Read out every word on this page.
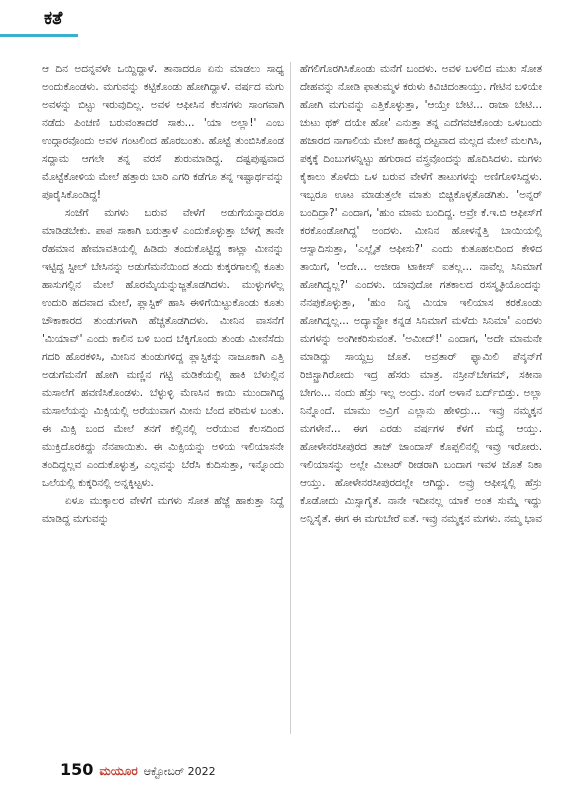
ಕತೆ

ಆ ದಿನ ಅದನ್ನವಳೇ ಒಯ್ದಿದ್ದಾಳೆ. ತಾನಾದರೂ ಏನು ಮಾಡಲು ಸಾಧ್ಯ ಅಂದುಕೊಂಡಳು. ಮಗುವನ್ನು ಕಟ್ಟಿಕೊಂಡು ಹೋಗಿದ್ದಾಳೆ. ವರ್ಷದ ಮಗು ಅವಳನ್ನು ಬಿಟ್ಟು ಇರುವುದಿಲ್ಲ. ಅವಳ ಆಫೀಸಿನ ಕೆಲಸಗಳು ಸಾಂಗವಾಗಿ ನಡೆದು ಪಿಂಚಣಿ ಬರುವಂತಾದರೆ ಸಾಕು... 'ಯಾ ಅಲ್ಲಾ!' ಎಂಬ ಉದ್ಗಾರವೊಂದು ಅವಳ ಗಂಟಲಿಂದ ಹೊರಬಂತು. ಹೊಟ್ಟೆ ತುಂಬಿಸಿಕೊಂಡ ಸದ್ದಾಮ ಆಗಲೇ ತನ್ನ ವರಸೆ ಶುರುಮಾಡಿದ್ದ. ದಷ್ಟಪುಷ್ಟವಾದ ಮೊಟ್ಟೆಕೋಳಿಯ ಮೇಲೆ ಹತ್ತಾರು ಬಾರಿ ಎಗರಿ ಕಡೆಗೂ ತನ್ನ ಇಷ್ಟಾರ್ಥವನ್ನು ಪೂರೈಸಿಕೊಂಡಿದ್ದ!
ಸಂಜೆಗೆ ಮಗಳು ಬರುವ ವೇಳೆಗೆ ಅಡುಗೆಯನ್ನಾದರೂ ಮಾಡಿಡಬೇಕು. ಪಾಪ ಸಾಕಾಗಿ ಬರುತ್ತಾಳೆ ಎಂದುಕೊಳ್ಳುತ್ತಾ ಬೆಳಗ್ಗೆ ತಾನೇ ರೆಹಮಾನ ಹೇಮಾವತಿಯಲ್ಲಿ ಹಿಡಿದು ತಂದುಕೊಟ್ಟಿದ್ದ ಕಾಟ್ಲಾ ಮೀನನ್ನು ಇಟ್ಟಿದ್ದ ಸ್ಟೀಲ್ ಬೇಸಿನನ್ನು ಅಡುಗೆಮನೆಯಿಂದ ತಂದು ಕುಕ್ಕರಗಾಲಲ್ಲಿ ಕೂತು ಹಾಸುಗಲ್ಲಿನ ಮೇಲೆ ಹೊರಮೈಯನ್ನುಜ್ಜತೊಡಗಿದಳು. ಮುಳ್ಳುಗಳೆಲ್ಲ ಉದುರಿ ಹದವಾದ ಮೇಲೆ, ಪ್ಲಾಸ್ಟಿಕ್ ಹಾಸಿ ಈಳಿಗೆಯಿಟ್ಟುಕೊಂಡು ಕೂತು ಚೌಕಾಕಾರದ ತುಂಡುಗಳಾಗಿ ಹೆಚ್ಚತೊಡಗಿದಳು. ಮೀನಿನ ವಾಸನೆಗೆ 'ಮಿಯಾವ್' ಎಂದು ಕಾಲಿನ ಬಳಿ ಬಂದ ಬೆಕ್ಕಿಗೊಂದು ತುಂಡು ಮೀನೆಸೆದು ಗದರಿ ಹೊರಕಳಿಸಿ, ಮೀನಿನ ತುಂಡುಗಳಿದ್ದ ಪ್ಲಾಸ್ಟಿಕನ್ನು ನಾಜೂಕಾಗಿ ಎತ್ತಿ ಅಡುಗೆಮನೆಗೆ ಹೋಗಿ ಮಣ್ಣಿನ ಗಟ್ಟಿ ಮಡಿಕೆಯಲ್ಲಿ ಹಾಕಿ ಬೆಳುಲ್ಲಿನ ಮಸಾಲೆಗೆ ಹವಣಿಸಿಕೊಂಡಳು. ಬೆಳ್ಳುಳ್ಳಿ ಮೆಣಸಿನ ಕಾಯಿ ಮುಂದಾಗಿದ್ದ ಮಸಾಲೆಯನ್ನು ಮಿಕ್ಸಿಯಲ್ಲಿ ಅರೆಯುವಾಗ ಮೀನು ಬೆಂದ ಪರಿಮಳ ಬಂತು. ಈ ಮಿಕ್ಸಿ ಬಂದ ಮೇಲೆ ತನಗೆ ಕಲ್ಲಿನಲ್ಲಿ ಅರೆಯುವ ಕೆಲಸದಿಂದ ಮುಕ್ತಿದೊರಕಿದ್ದು ನೆನಪಾಯಿತು. ಈ ಮಿಕ್ಸಿಯನ್ನು ಅಳಿಯ ಇಲಿಯಾಸನೇ ತಂದಿದ್ದಲ್ಲವ ಎಂದುಕೊಳ್ಳುತ್ತ, ಎಲ್ಲವನ್ನು ಬೆರೆಸಿ ಕುದಿಸುತ್ತಾ, ಇನ್ನೊಂದು ಒಲೆಯಲ್ಲಿ ಕುಕ್ಕರಿನಲ್ಲಿ ಅನ್ನಕ್ಕಿಟ್ಟಳು.
ಏಳೂ ಮುಕ್ಕಾಲರ ವೇಳೆಗೆ ಮಗಳು ಸೋತ ಹೆಜ್ಜೆ ಹಾಕುತ್ತಾ ನಿದ್ದೆ ಮಾಡಿದ್ದ ಮಗುವನ್ನು

ಹೆಗಲಿಗೊರಗಿಸಿಕೊಂಡು ಮನೆಗೆ ಬಂದಳು. ಅವಳ ಬಳಲಿದ ಮುಖ ಸೋತ ದೇಹವನ್ನು ನೋಡಿ ಫಾತುಮ್ಮಳ ಕರುಳು ಕಿವಿಚಿದಂತಾಯ್ತು. ಗೇಟಿನ ಬಳಿಯೇ ಹೋಗಿ ಮಗುವನ್ನು ಎತ್ತಿಕೊಳ್ಳುತ್ತಾ, 'ಆಯ್ತೇ ಬೇಟಿ... ರಾಜಾ ಬೇಟಿ... ಚುಟು ಥಕ್ ದಯೇ ಹೋ' ಎನುತ್ತಾ ತನ್ನ ಎದೆಗವಚಿಕೊಂಡು ಒಳಬಂದು ಹಜಾರದ ನಾಗಾಲಿಯ ಮೇಲೆ ಹಾಕಿದ್ದ ದಟ್ಟವಾದ ಮಲ್ಲದ ಮೇಲೆ ಮಲಗಿಸಿ, ಪಕ್ಕಕ್ಕೆ ದಿಂಬುಗಳನ್ನಿಟ್ಟು ಹಗುರಾದ ವಸ್ತ್ರವೊಂದನ್ನು ಹೊದಿಸಿದಳು. ಮಗಳು ಕೈಕಾಲು ತೊಳೆದು ಒಳ ಬರುವ ವೇಳೆಗೆ ತಾಟುಗಳನ್ನು ಅಣಿಗೊಳಿಸಿದ್ದಳು. ಇಬ್ಬರೂ ಊಟ ಮಾಡುತ್ತಲೇ ಮಾತು ಬಿಚ್ಚಿಕೊಳ್ಳತೊಡಗಿತು. 'ಅನ್ನರ್ ಬಂದಿದ್ರಾ?' ಎಂದಾಗ, 'ಹುಂ ಮಾಮ ಬಂದಿದ್ದ. ಅವ್ರೇ ಕೆ.ಇ.ಬಿ ಆಫೀಸ್‌ಗೆ ಕರಕೊಂಡೋಗಿದ್ದ' ಅಂದಳು. ಮೀನಿನ ಹೋಳನ್ನೆತ್ತಿ ಬಾಯಿಯಲ್ಲಿ ಆಸ್ವಾದಿಸುತ್ತಾ, 'ಎಲ್ಲೈತೆ ಆಫೀಸು?' ಎಂದು ಕುತೂಹಲದಿಂದ ಕೇಳಿದ ತಾಯಿಗೆ, 'ಅದೇ... ಅಜೀರಾ ಟಾಕೀಸ್ ಐತಲ್ಲ... ನಾವೆಲ್ಲ ಸಿನಿಮಾಗೆ ಹೋಗಿದ್ವಲ್ಲ?' ಎಂದಳು. ಯಾವುದೋ ಗತಕಾಲದ ರಸಸ್ಮೃತಿಯೊಂದನ್ನು ನೆನಪುಕೊಳ್ಳುತ್ತಾ, 'ಹುಂ ನಿನ್ನ ಮಿಯಾ ಇಲಿಯಾಸ ಕರಕೊಂಡು ಹೋಗಿದ್ನಲ್ಲ... ಅದ್ಯಾವ್ದೋ ಕನ್ನಡ ಸಿನಿಮಾಗೆ ಮಳೆದು ಸಿನಿಮಾ' ಎಂದಳು ಮಗಳನ್ನು ಅಂಗೀಕರಿಸುವಂತೆ. 'ಅಮೀದ್!' ಎಂದಾಗ, 'ಅದೇ ಮಾಮನೇ ಮಾಡಿದ್ದು ಸಾಯ್ದಬ್ರ ಜೊತೆ. ಅವ್ರತಾರ್ ಫ್ಯಾಮಿಲಿ ಪೆನ್ಶನ್‌ಗೆ ರಿಜಿಸ್ಟ್ರಾಗಿರೋದು ಇದ್ರ ಹೆಸರು ಮಾತ್ರ. ನಸ್ರೀನ್‌ಬೇಗಮ್, ಸಕೀನಾ ಬೇಗಂ... ನಂದು ಹೆಸ್ರು ಇಲ್ಲ ಅಂದ್ರು. ನಂಗೆ ಅಳಾನೆ ಬರ್ದ್‌ಬಿಡ್ತು. ಅಲ್ಲಾ ನಿನ್ನೊಂದೆ. ಮಾಮು ಅವ್ರಿಗೆ ಎಲ್ಲಾನು ಹೇಳಿದ್ರು... ಇವ್ರು ನಮ್ಮಕ್ಕನ ಮಗಳೇನೆ... ಈಗ ಎರಡು ವರ್ಷಗಳ ಕೆಳಗೆ ಮದ್ವೆ ಆಯ್ತು. ಹೋಳೇನರಸೀಪುರದ ತಾಜ್ ಜಾಂದಾಸ್ ಕೊಪ್ಪಲಿನಲ್ಲಿ ಇವ್ರು ಇರೋರು. ಇಲಿಯಾಸನ್ನು ಅಲ್ಲೇ ಮೀಟರ್ ರೀಡರಾಗಿ ಬಂದಾಗ ಇವಳ ಜೊತೆ ನಿಕಾ ಆಯ್ತು. ಹೋಳೇನರಸೀಪುರದಲ್ಲೇ ಆಗಿದ್ದು. ಅವ್ರು ಆಫೀಸ್ನಲ್ಲಿ ಹೆಸ್ರು ಕೊಡೋದು ಮಿಸ್ಸಾಗೈತೆ. ನಾನೇ ಇದೀನಲ್ಲ ಯಾಕೆ ಅಂತ ಸುಮ್ಮೆ ಇದ್ದು ಅನ್ನಿಸೈತೆ. ಈಗ ಈ ಮಗುಬೇರೆ ಐತೆ. ಇವ್ರು ನಮ್ಮಕ್ಕನ ಮಗಳು. ನಮ್ಮ ಭಾವ

150 ಮಯೂರ ಆಕ್ಟೋಬರ್ 2022
